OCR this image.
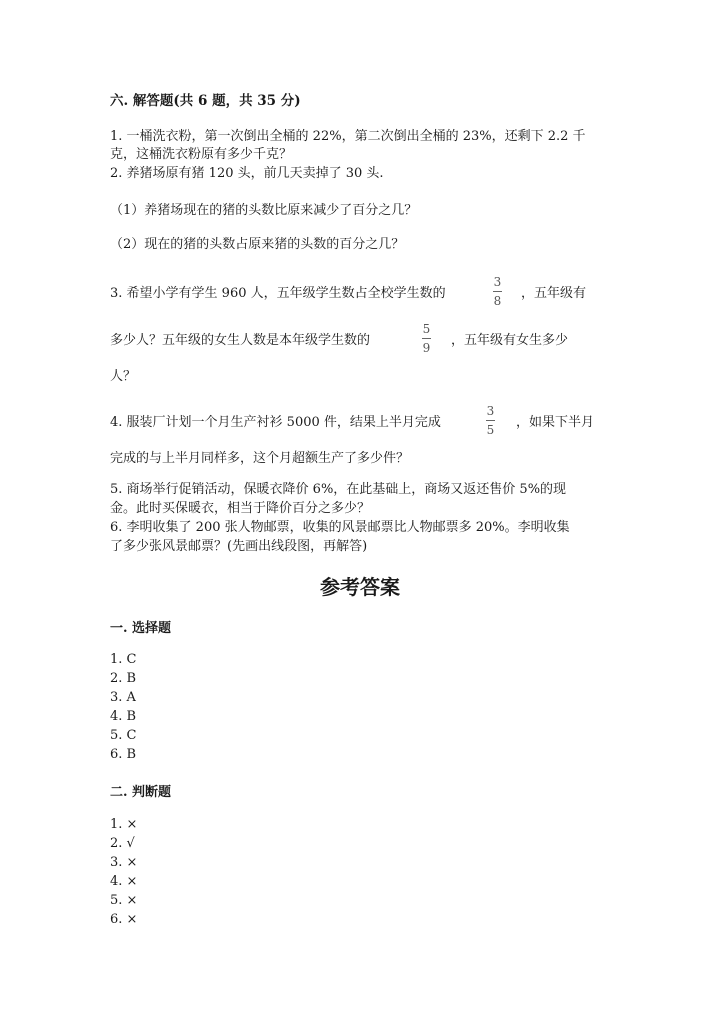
六. 解答题(共 6 题，共 35 分)
1. 一桶洗衣粉，第一次倒出全桶的 22%，第二次倒出全桶的 23%，还剩下 2.2 千
克，这桶洗衣粉原有多少千克？
2. 养猪场原有猪 120 头，前几天卖掉了 30 头.
（1）养猪场现在的猪的头数比原来减少了百分之几？
（2）现在的猪的头数占原来猪的头数的百分之几？
3. 希望小学有学生 960 人，五年级学生数占全校学生数的
3
8 ，五年级有
多少人？五年级的女生人数是本年级学生数的
5
9 ，五年级有女生多少
人？
4. 服装厂计划一个月生产衬衫 5000 件，结果上半月完成
3
5 ，如果下半月
完成的与上半月同样多，这个月超额生产了多少件？
5. 商场举行促销活动，保暖衣降价 6%，在此基础上，商场又返还售价 5%的现
金。此时买保暖衣，相当于降价百分之多少？
6. 李明收集了 200 张人物邮票，收集的风景邮票比人物邮票多 20%。李明收集
了多少张风景邮票？(先画出线段图，再解答)
参考答案
一. 选择题
1. C
2. B
3. A
4. B
5. C
6. B
二. 判断题
1. ×
2. √
3. ×
4. ×
5. ×
6. ×
